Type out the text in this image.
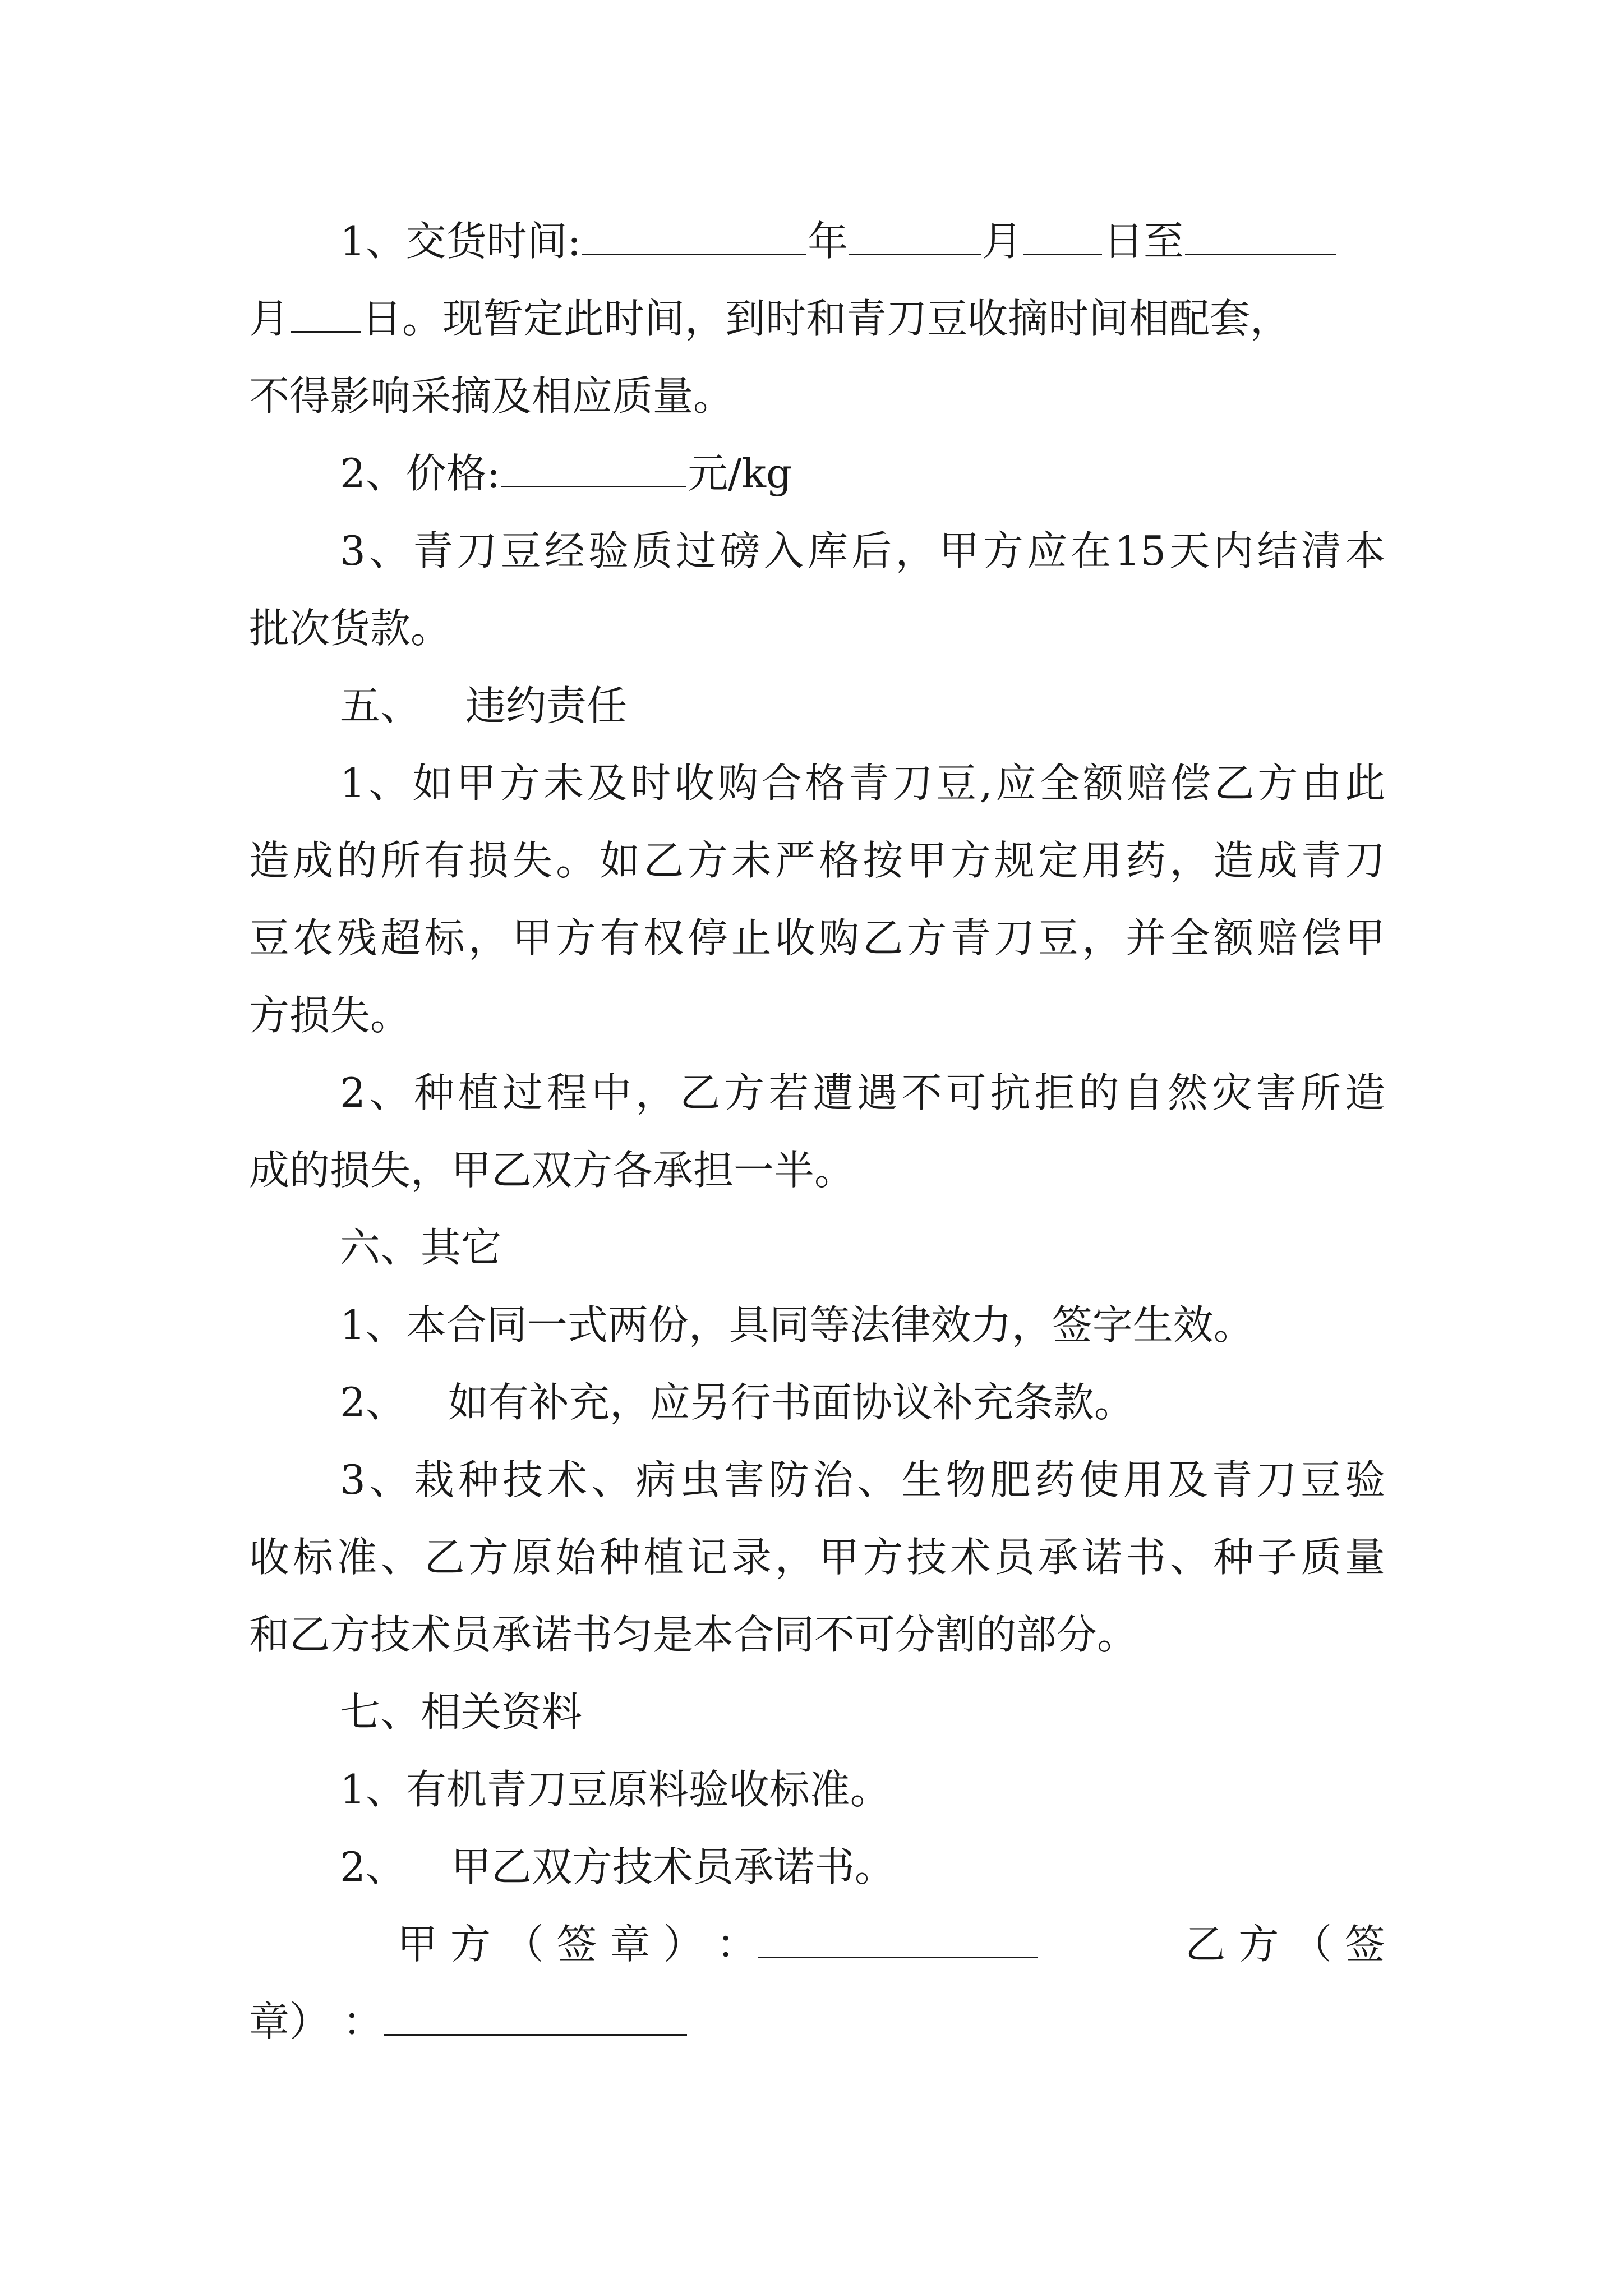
1、交货时间:	年	月 日至
月 日。现暂定此时间，到时和青刀豆收摘时间相配套，
不得影响采摘及相应质量。
2、价格:	元/kg
3、青刀豆经验质过磅入库后，甲方应在15天内结清本
批次货款。
五、 违约责任
1、如甲方未及时收购合格青刀豆,应全额赔偿乙方由此
造成的所有损失。如乙方未严格按甲方规定用药，造成青刀
豆农残超标，甲方有权停止收购乙方青刀豆，并全额赔偿甲
方损失。
2、种植过程中，乙方若遭遇不可抗拒的自然灾害所造
成的损失，甲乙双方各承担一半。
六、其它
1、本合同一式两份，具同等法律效力，签字生效。
2、 如有补充，应另行书面协议补充条款。
3、栽种技术、病虫害防治、生物肥药使用及青刀豆验
收标准、乙方原始种植记录，甲方技术员承诺书、种子质量
和乙方技术员承诺书匀是本合同不可分割的部分。
七、相关资料
1、有机青刀豆原料验收标准。
2、 甲乙双方技术员承诺书。
甲 方 （ 签 章 ） ：	乙 方 （ 签
章） ：
